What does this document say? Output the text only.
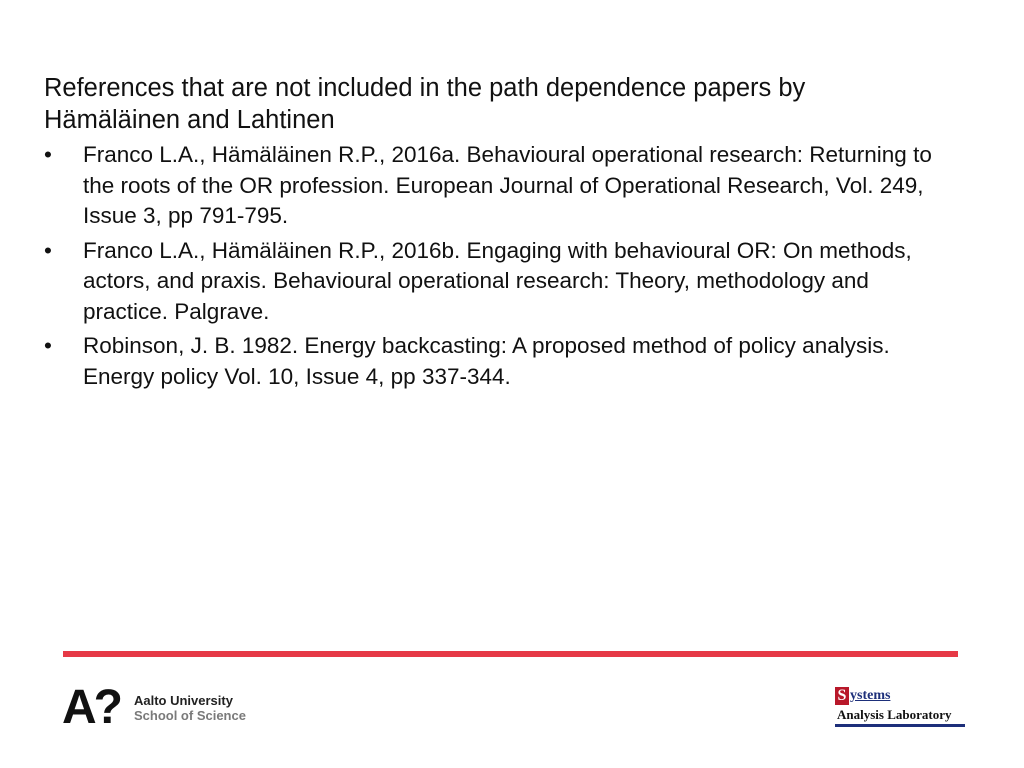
References that are not included in the path dependence papers by Hämäläinen and Lahtinen
• Franco L.A., Hämäläinen R.P., 2016a. Behavioural operational research: Returning to the roots of the OR profession. European Journal of Operational Research, Vol. 249, Issue 3, pp 791-795.
• Franco L.A., Hämäläinen R.P., 2016b. Engaging with behavioural OR: On methods, actors, and praxis. Behavioural operational research: Theory, methodology and practice. Palgrave.
• Robinson, J. B. 1982. Energy backcasting: A proposed method of policy analysis. Energy policy Vol. 10, Issue 4, pp 337-344.
A? Aalto University
School of Science
S ystems
Analysis Laboratory
